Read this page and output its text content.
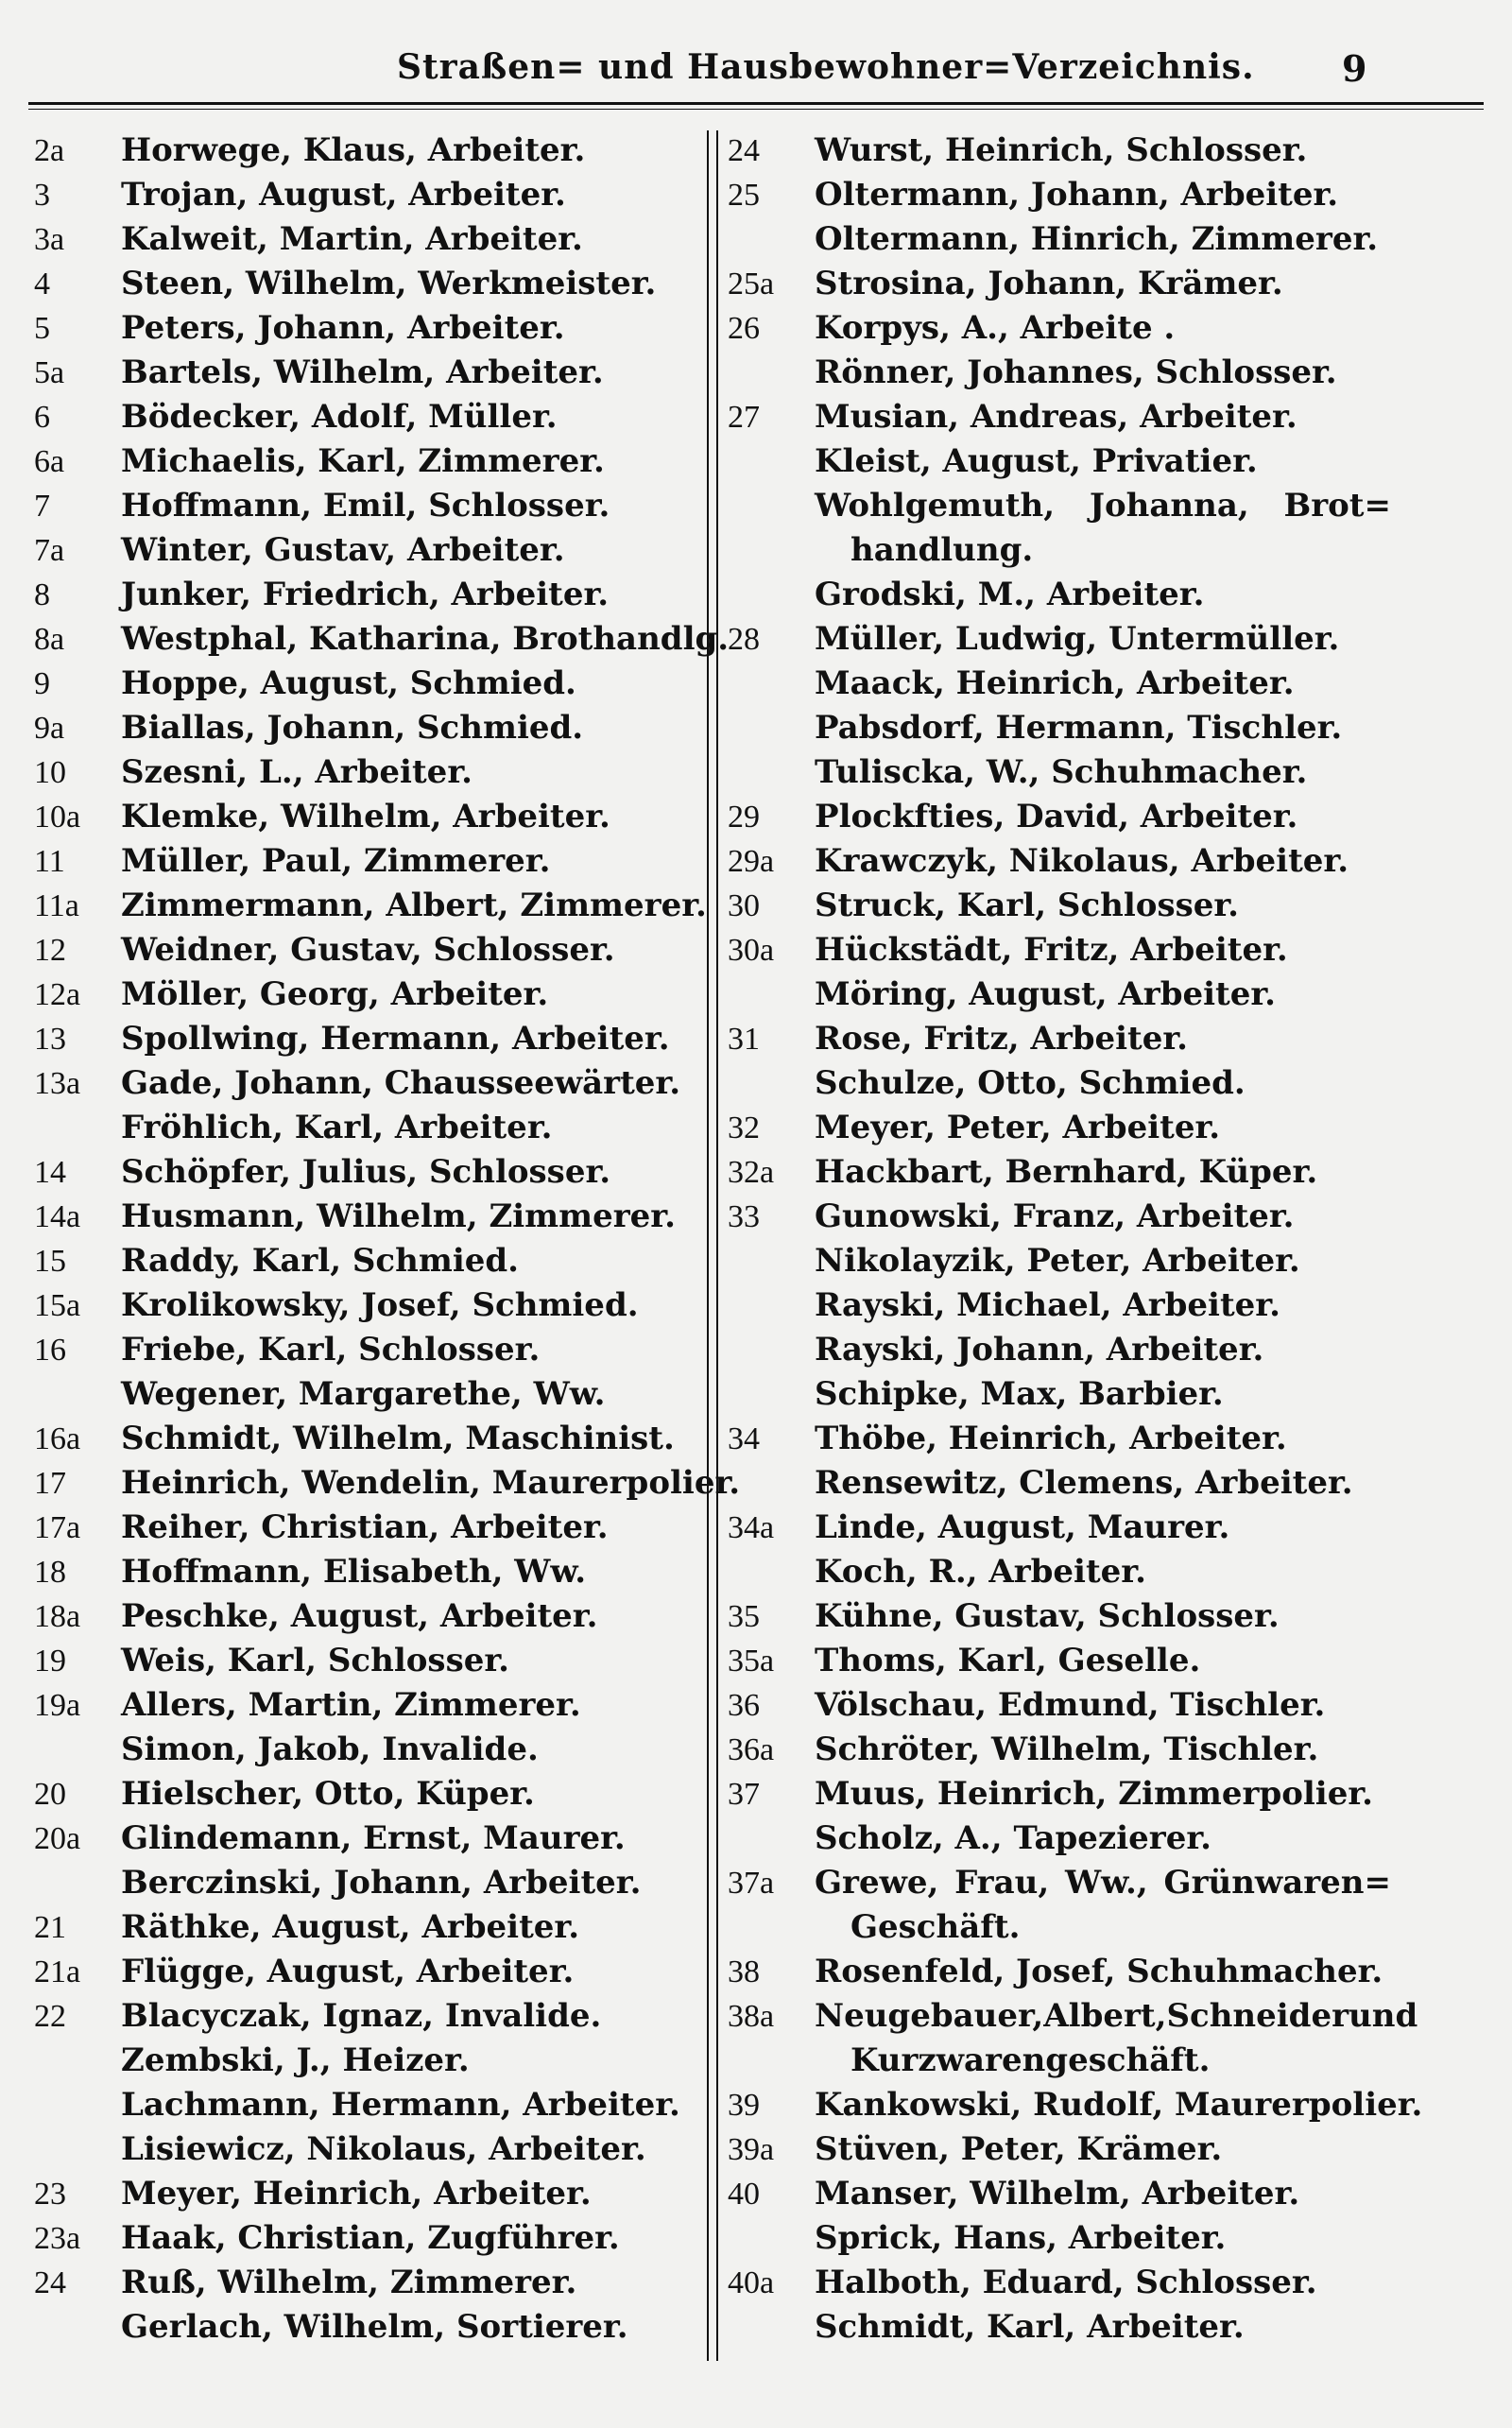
Straßen= und Hausbewohner=Verzeichnis. 9
2a	Horwege, Klaus, Arbeiter.
3	Trojan, August, Arbeiter.
3a	Kalweit, Martin, Arbeiter.
4	Steen, Wilhelm, Werkmeister.
5	Peters, Johann, Arbeiter.
5a	Bartels, Wilhelm, Arbeiter.
6	Bödecker, Adolf, Müller.
6a	Michaelis, Karl, Zimmerer.
7	Hoffmann, Emil, Schlosser.
7a	Winter, Gustav, Arbeiter.
8	Junker, Friedrich, Arbeiter.
8a	Westphal, Katharina, Brothandlg.
9	Hoppe, August, Schmied.
9a	Biallas, Johann, Schmied.
10	Szesni, L., Arbeiter.
10a	Klemke, Wilhelm, Arbeiter.
11	Müller, Paul, Zimmerer.
11a	Zimmermann, Albert, Zimmerer.
12	Weidner, Gustav, Schlosser.
12a	Möller, Georg, Arbeiter.
13	Spollwing, Hermann, Arbeiter.
13a	Gade, Johann, Chausseewärter.
Fröhlich, Karl, Arbeiter.
14	Schöpfer, Julius, Schlosser.
14a	Husmann, Wilhelm, Zimmerer.
15	Raddy, Karl, Schmied.
15a	Krolikowsky, Josef, Schmied.
16	Friebe, Karl, Schlosser.
Wegener, Margarethe, Ww.
16a	Schmidt, Wilhelm, Maschinist.
17	Heinrich, Wendelin, Maurerpolier.
17a	Reiher, Christian, Arbeiter.
18	Hoffmann, Elisabeth, Ww.
18a	Peschke, August, Arbeiter.
19	Weis, Karl, Schlosser.
19a	Allers, Martin, Zimmerer.
Simon, Jakob, Invalide.
20	Hielscher, Otto, Küper.
20a	Glindemann, Ernst, Maurer.
Berczinski, Johann, Arbeiter.
21	Räthke, August, Arbeiter.
21a	Flügge, August, Arbeiter.
22	Blacyczak, Ignaz, Invalide.
Zembski, J., Heizer.
Lachmann, Hermann, Arbeiter.
Lisiewicz, Nikolaus, Arbeiter.
23	Meyer, Heinrich, Arbeiter.
23a	Haak, Christian, Zugführer.
24	Ruß, Wilhelm, Zimmerer.
Gerlach, Wilhelm, Sortierer.
24	Wurst, Heinrich, Schlosser.
25	Oltermann, Johann, Arbeiter.
Oltermann, Hinrich, Zimmerer.
25a	Strosina, Johann, Krämer.
26	Korpys, A., Arbeite .
Rönner, Johannes, Schlosser.
27	Musian, Andreas, Arbeiter.
Kleist, August, Privatier.
Wohlgemuth, Johanna, Brot=
handlung.
Grodski, M., Arbeiter.
28	Müller, Ludwig, Untermüller.
Maack, Heinrich, Arbeiter.
Pabsdorf, Hermann, Tischler.
Tuliscka, W., Schuhmacher.
29	Plockfties, David, Arbeiter.
29a	Krawczyk, Nikolaus, Arbeiter.
30	Struck, Karl, Schlosser.
30a	Hückstädt, Fritz, Arbeiter.
Möring, August, Arbeiter.
31	Rose, Fritz, Arbeiter.
Schulze, Otto, Schmied.
32	Meyer, Peter, Arbeiter.
32a	Hackbart, Bernhard, Küper.
33	Gunowski, Franz, Arbeiter.
Nikolayzik, Peter, Arbeiter.
Rayski, Michael, Arbeiter.
Rayski, Johann, Arbeiter.
Schipke, Max, Barbier.
34	Thöbe, Heinrich, Arbeiter.
Rensewitz, Clemens, Arbeiter.
34a	Linde, August, Maurer.
Koch, R., Arbeiter.
35	Kühne, Gustav, Schlosser.
35a	Thoms, Karl, Geselle.
36	Völschau, Edmund, Tischler.
36a	Schröter, Wilhelm, Tischler.
37	Muus, Heinrich, Zimmerpolier.
Scholz, A., Tapezierer.
37a	Grewe, Frau, Ww., Grünwaren=
Geschäft.
38	Rosenfeld, Josef, Schuhmacher.
38a	Neugebauer, Albert, Schneider und
Kurzwarengeschäft.
39	Kankowski, Rudolf, Maurerpolier.
39a	Stüven, Peter, Krämer.
40	Manser, Wilhelm, Arbeiter.
Sprick, Hans, Arbeiter.
40a	Halboth, Eduard, Schlosser.
Schmidt, Karl, Arbeiter.
